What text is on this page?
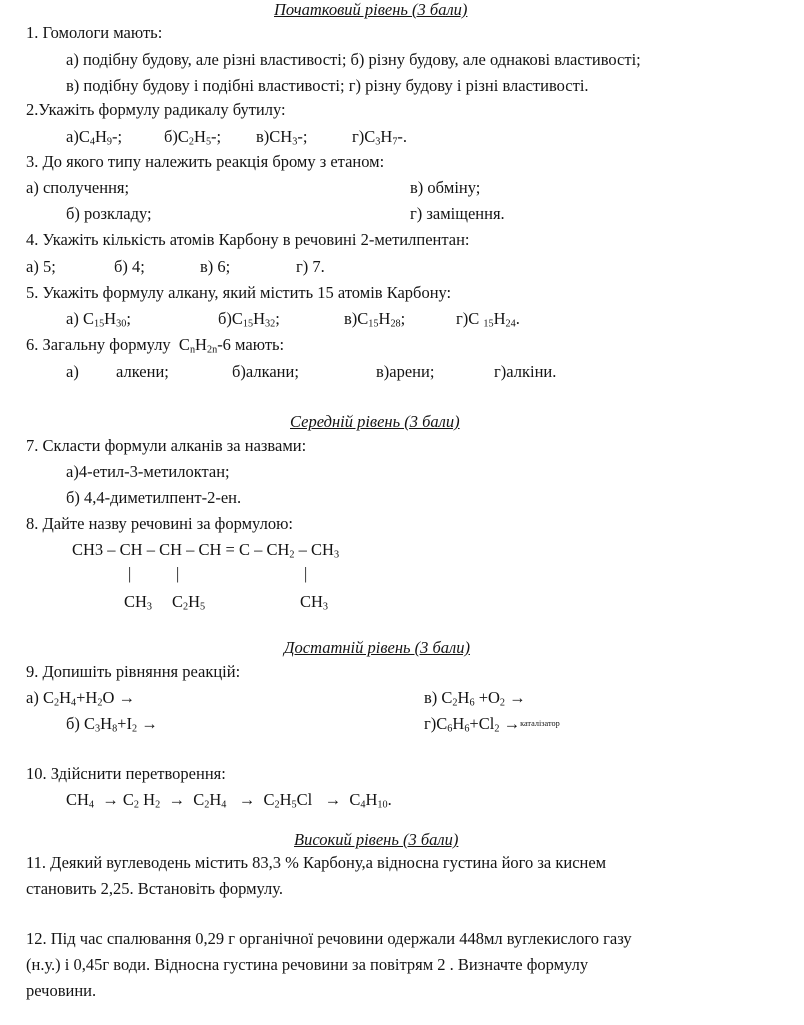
Початковий рівень (3 бали)
1. Гомологи мають:
а) подібну будову, але різні властивості; б) різну будову, але однакові властивості;
в) подібну будову і подібні властивості; г) різну будову і різні властивості.
2.Укажіть формулу радикалу бутилу:
$а)C_4H_9-$;	$б)C_2H_5-$; $в)CH_3-$;	$г)C_3H_7-$.
3. До якого типу належить реакція брому з етаном:
а) сполучення;	в) обміну;
б) розкладу;	г) заміщення.
4. Укажіть кількість атомів Карбону в речовині 2-метилпентан:
а) 5;	б) 4;	в) 6;	г) 7.
5. Укажіть формулу алкану, який містить 15 атомів Карбону:
а) $C_{15}H_{30}$;	$б)C_{15}H_{32}$;	$в)C_{15}H_{28}$;	г)C $_{15}H_{24}$.
6. Загальну формулу  $C_nH_{2n}-6$ мають:
а) алкени;	б)алкани;	в)арени;	г)алкіни.
Середній рівень (3 бали)
7. Скласти формули алканів за назвами:
а)4-етил-3-метилоктан;
б) 4,4-диметилпент-2-ен.
8. Дайте назву речовині за формулою:
CH3 – CH – CH – CH = C – $CH_2 - CH_3$
|	|	|
$CH_3$ $C_2H_5$	$CH_3$
Достатній рівень (3 бали)
9. Допишіть рівняння реакцій:
а) $C_2H_4+H_2O$ →	в) $C_2H_6 +O_2$ →
б) $C_3H_8+I_2$ →	$г)C_6H_6+Cl_2$ → каталізатор
10. Здійснити перетворення:
$CH_4 \to C_2$ $H_2 \to C_2H_4 \to C_2H_5Cl \to C_4H_{10}$.
Високий рівень (3 бали)
11. Деякий вуглеводень містить 83,3 % Карбону,а відносна густина його за киснем
становить 2,25. Встановіть формулу.
12. Під час спалювання 0,29 г органічної речовини одержали 448мл вуглекислого газу
(н.у.) і 0,45г води. Відносна густина речовини за повітрям 2 . Визначте формулу
речовини.
